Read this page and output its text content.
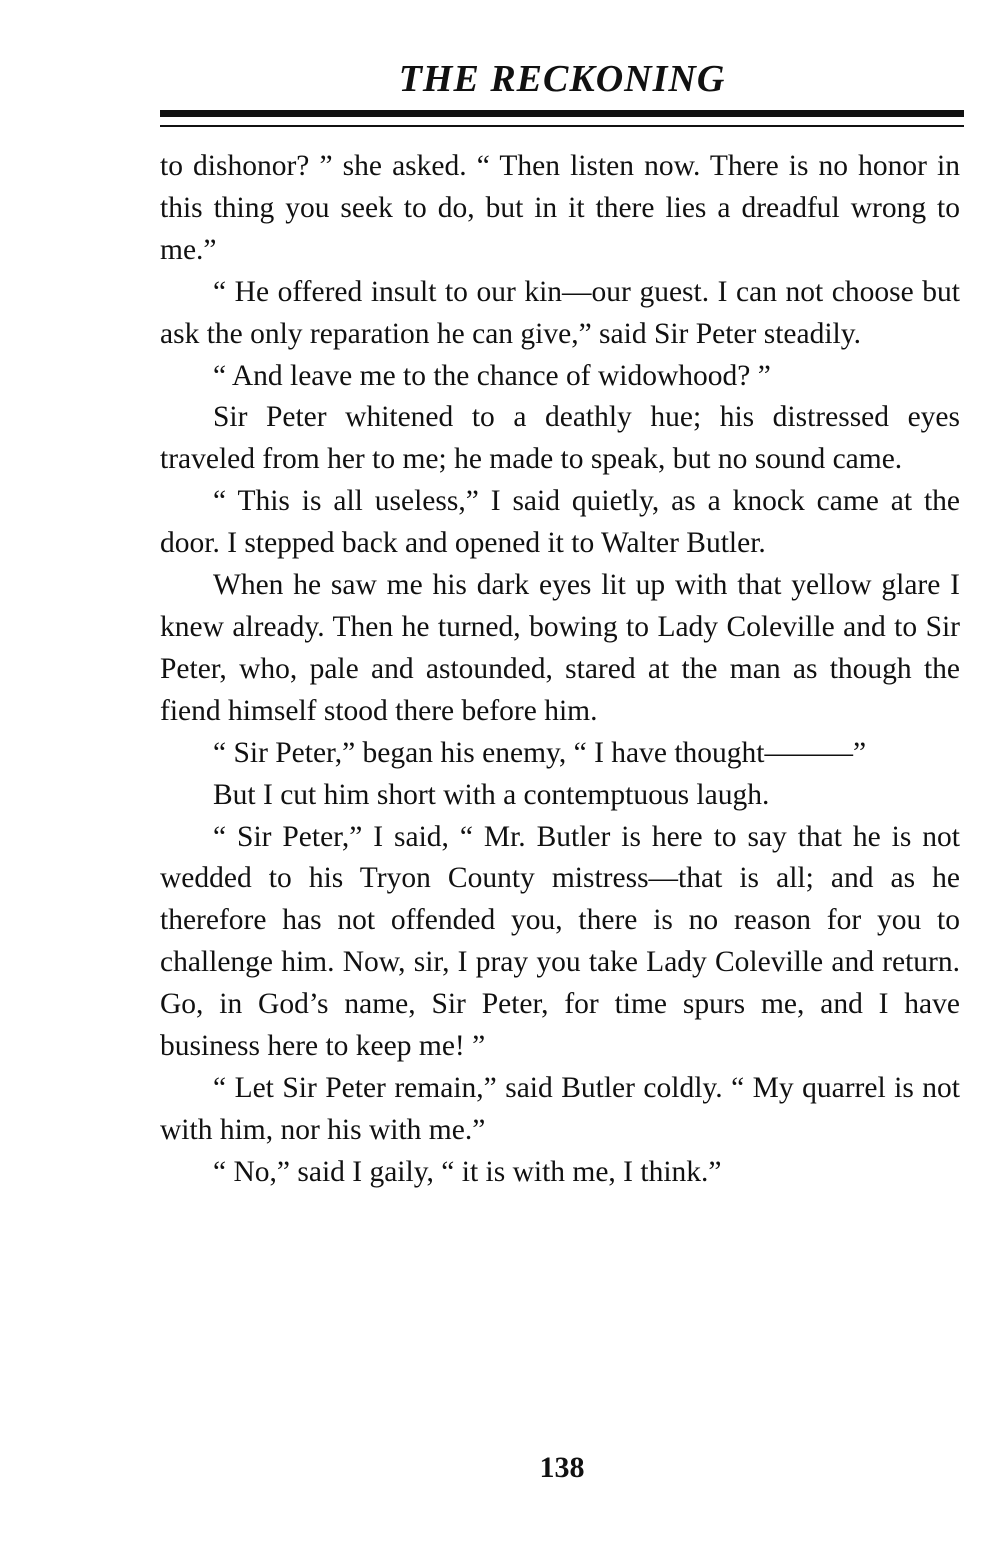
THE RECKONING

to dishonor? ” she asked. “ Then listen now. There is no honor in this thing you seek to do, but in it there lies a dreadful wrong to me.”

“ He offered insult to our kin—our guest. I can not choose but ask the only reparation he can give,” said Sir Peter steadily.

“ And leave me to the chance of widowhood? ”

Sir Peter whitened to a deathly hue; his distressed eyes traveled from her to me; he made to speak, but no sound came.

“ This is all useless,” I said quietly, as a knock came at the door. I stepped back and opened it to Walter Butler.

When he saw me his dark eyes lit up with that yellow glare I knew already. Then he turned, bowing to Lady Coleville and to Sir Peter, who, pale and astounded, stared at the man as though the fiend himself stood there before him.

“ Sir Peter,” began his enemy, “ I have thought———”

But I cut him short with a contemptuous laugh.

“ Sir Peter,” I said, “ Mr. Butler is here to say that he is not wedded to his Tryon County mistress—that is all; and as he therefore has not offended you, there is no reason for you to challenge him. Now, sir, I pray you take Lady Coleville and return. Go, in God’s name, Sir Peter, for time spurs me, and I have business here to keep me! ”

“ Let Sir Peter remain,” said Butler coldly. “ My quarrel is not with him, nor his with me.”

“ No,” said I gaily, “ it is with me, I think.”

138
